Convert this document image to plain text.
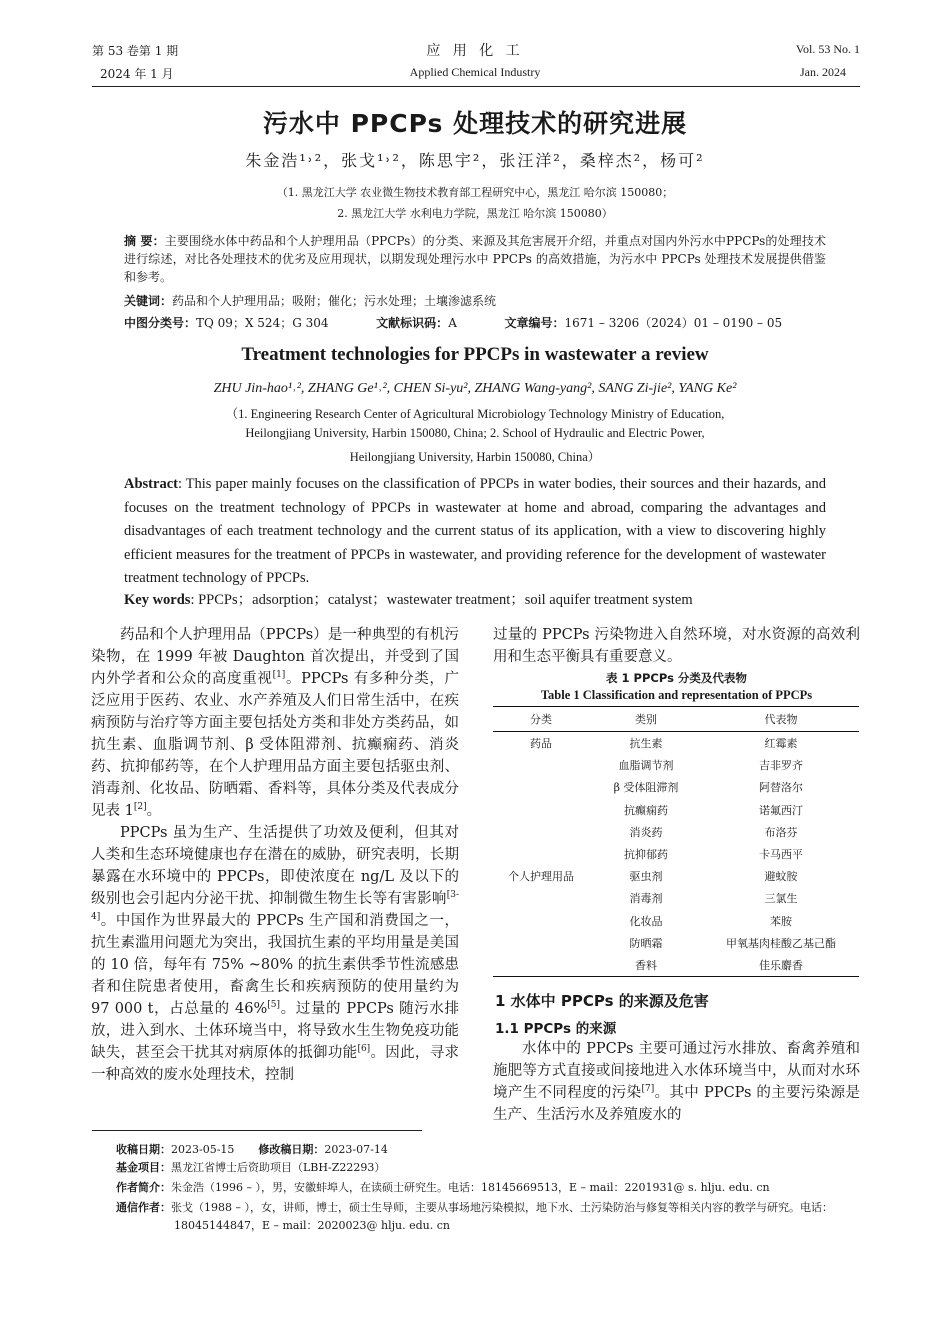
第 53 卷第 1 期
2024 年 1 月
应 用 化 工
Applied Chemical Industry
Vol. 53 No. 1
Jan. 2024
污水中 PPCPs 处理技术的研究进展
朱金浩¹˒²，张戈¹˒²，陈思宇²，张汪洋²，桑梓杰²，杨可²
（1. 黑龙江大学 农业微生物技术教育部工程研究中心，黑龙江 哈尔滨 150080；
2. 黑龙江大学 水利电力学院，黑龙江 哈尔滨 150080）
摘 要：主要围绕水体中药品和个人护理用品（PPCPs）的分类、来源及其危害展开介绍，并重点对国内外污水中PPCPs的处理技术进行综述，对比各处理技术的优劣及应用现状，以期发现处理污水中 PPCPs 的高效措施，为污水中 PPCPs 处理技术发展提供借鉴和参考。
关键词：药品和个人护理用品；吸附；催化；污水处理；土壤渗滤系统
中图分类号：TQ 09；X 524；G 304	文献标识码：A	文章编号：1671 – 3206（2024）01 – 0190 – 05
Treatment technologies for PPCPs in wastewater a review
ZHU Jin-hao¹˒², ZHANG Ge¹˒², CHEN Si-yu², ZHANG Wang-yang², SANG Zi-jie², YANG Ke²
（1. Engineering Research Center of Agricultural Microbiology Technology Ministry of Education,
Heilongjiang University, Harbin 150080, China; 2. School of Hydraulic and Electric Power,
Heilongjiang University, Harbin 150080, China）
Abstract: This paper mainly focuses on the classification of PPCPs in water bodies, their sources and their hazards, and focuses on the treatment technology of PPCPs in wastewater at home and abroad, comparing the advantages and disadvantages of each treatment technology and the current status of its application, with a view to discovering highly efficient measures for the treatment of PPCPs in wastewater, and providing reference for the development of wastewater treatment technology of PPCPs.
Key words: PPCPs；adsorption；catalyst；wastewater treatment；soil aquifer treatment system

药品和个人护理用品（PPCPs）是一种典型的有机污染物，在 1999 年被 Daughton 首次提出，并受到了国内外学者和公众的高度重视[1]。PPCPs 有多种分类，广泛应用于医药、农业、水产养殖及人们日常生活中，在疾病预防与治疗等方面主要包括处方类和非处方类药品，如抗生素、血脂调节剂、β 受体阻滞剂、抗癫痫药、消炎药、抗抑郁药等，在个人护理用品方面主要包括驱虫剂、消毒剂、化妆品、防晒霜、香料等，具体分类及代表成分见表 1[2]。

PPCPs 虽为生产、生活提供了功效及便利，但其对人类和生态环境健康也存在潜在的威胁，研究表明，长期暴露在水环境中的 PPCPs，即使浓度在 ng/L 及以下的级别也会引起内分泌干扰、抑制微生物生长等有害影响[3-4]。中国作为世界最大的 PPCPs 生产国和消费国之一，抗生素滥用问题尤为突出，我国抗生素的平均用量是美国的 10 倍，每年有 75% ~80% 的抗生素供季节性流感患者和住院患者使用，畜禽生长和疾病预防的使用量约为 97 000 t，占总量的 46%[5]。过量的 PPCPs 随污水排放，进入到水、土体环境当中，将导致水生生物免疫功能缺失，甚至会干扰其对病原体的抵御功能[6]。因此，寻求一种高效的废水处理技术，控制

过量的 PPCPs 污染物进入自然环境，对水资源的高效利用和生态平衡具有重要意义。

表 1 PPCPs 分类及代表物
Table 1 Classification and representation of PPCPs
分类	类别	代表物
药品	抗生素	红霉素
	血脂调节剂	吉非罗齐
	β 受体阻滞剂	阿替洛尔
	抗癫痫药	诺氟西汀
	消炎药	布洛芬
	抗抑郁药	卡马西平
个人护理用品	驱虫剂	避蚊胺
	消毒剂	三氯生
	化妆品	苯胺
	防晒霜	甲氧基肉桂酸乙基己酯
	香料	佳乐麝香
1 水体中 PPCPs 的来源及危害
1.1 PPCPs 的来源

水体中的 PPCPs 主要可通过污水排放、畜禽养殖和施肥等方式直接或间接地进入水体环境当中，从而对水环境产生不同程度的污染[7]。其中 PPCPs 的主要污染源是生产、生活污水及养殖废水的

收稿日期：2023-05-15 修改稿日期：2023-07-14
基金项目：黑龙江省博士后资助项目（LBH-Z22293）
作者简介：朱金浩（1996 – ），男，安徽蚌埠人，在读硕士研究生。电话：18145669513，E – mail：2201931@ s. hlju. edu. cn
通信作者：张戈（1988 – ），女，讲师，博士，硕士生导师，主要从事场地污染模拟，地下水、土污染防治与修复等相关内容的教学与研究。电话：18045144847，E – mail：2020023@ hlju. edu. cn
